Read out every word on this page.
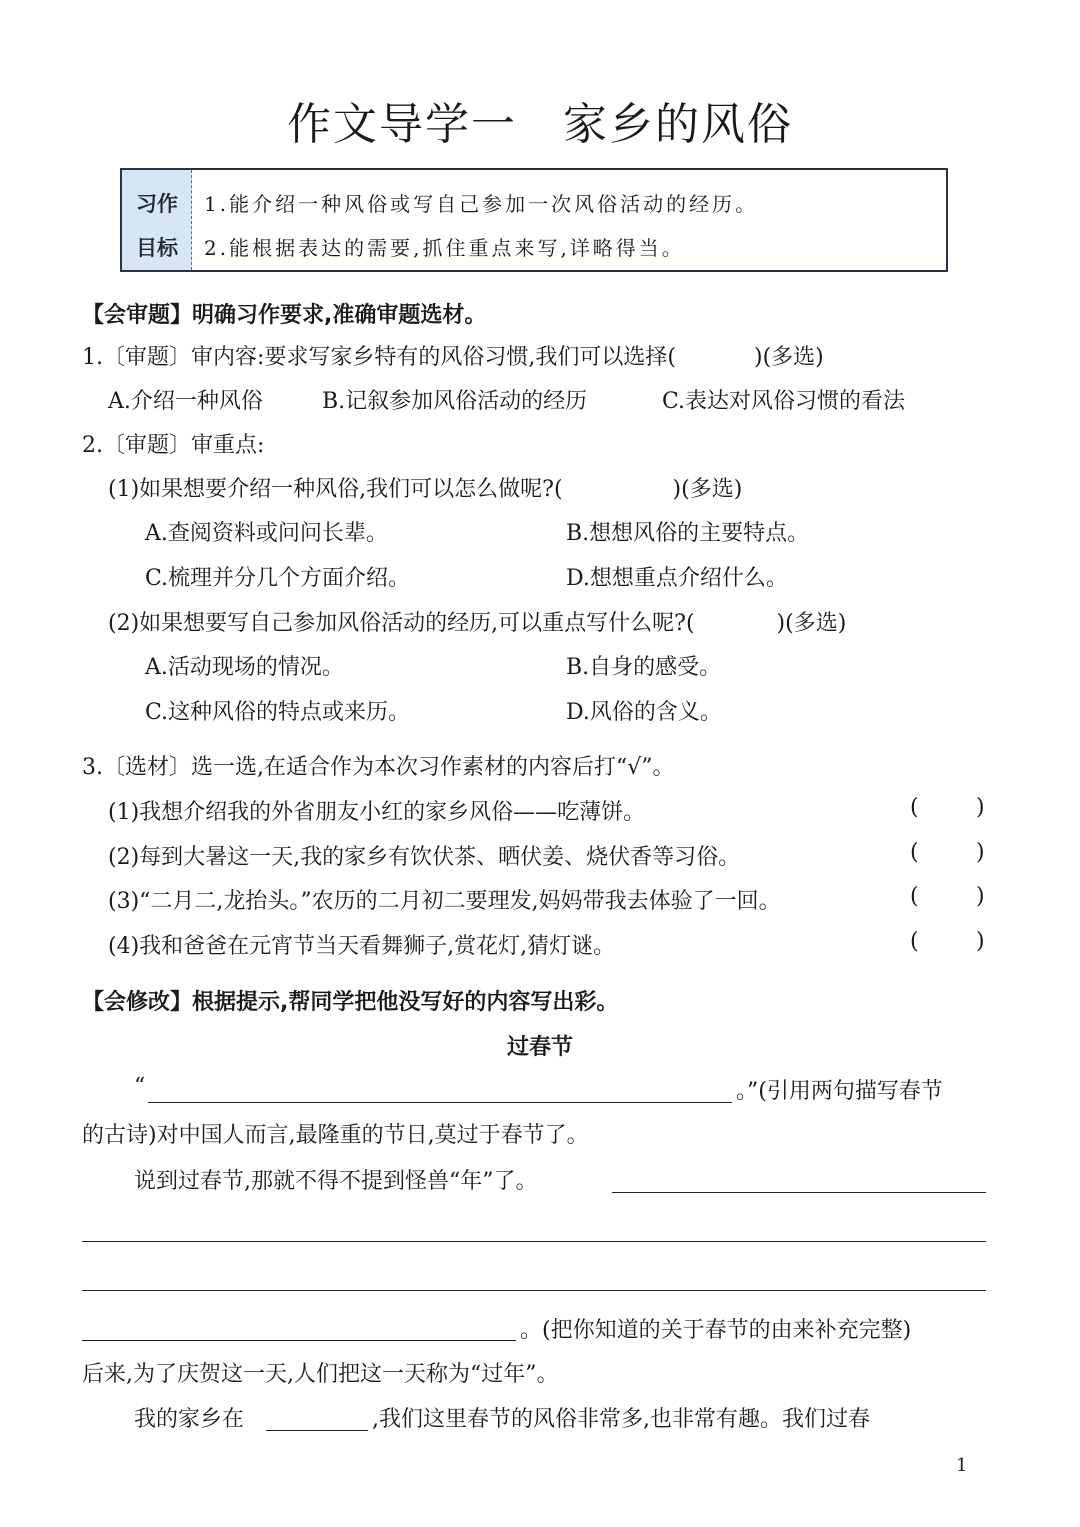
作文导学一 家乡的风俗
习作
目标
1.能介绍一种风俗或写自己参加一次风俗活动的经历。
2.能根据表达的需要,抓住重点来写,详略得当。
【会审题】明确习作要求,准确审题选材。
1.〔审题〕审内容:要求写家乡特有的风俗习惯,我们可以选择(	)(多选)
A.介绍一种风俗	B.记叙参加风俗活动的经历	C.表达对风俗习惯的看法
2.〔审题〕审重点:
(1)如果想要介绍一种风俗,我们可以怎么做呢?(	)(多选)
A.查阅资料或问问长辈。	B.想想风俗的主要特点。
C.梳理并分几个方面介绍。	D.想想重点介绍什么。
(2)如果想要写自己参加风俗活动的经历,可以重点写什么呢?(	)(多选)
A.活动现场的情况。	B.自身的感受。
C.这种风俗的特点或来历。	D.风俗的含义。
3.〔选材〕选一选,在适合作为本次习作素材的内容后打“√”。
(1)我想介绍我的外省朋友小红的家乡风俗——吃薄饼。	(	)
(2)每到大暑这一天,我的家乡有饮伏茶、晒伏姜、烧伏香等习俗。	(	)
(3)“二月二,龙抬头。”农历的二月初二要理发,妈妈带我去体验了一回。	(	)
(4)我和爸爸在元宵节当天看舞狮子,赏花灯,猜灯谜。	(	)
【会修改】根据提示,帮同学把他没写好的内容写出彩。
过春节
“	。”(引用两句描写春节
的古诗)对中国人而言,最隆重的节日,莫过于春节了。
说到过春节,那就不得不提到怪兽“年”了。
。(把你知道的关于春节的由来补充完整)
后来,为了庆贺这一天,人们把这一天称为“过年”。
我的家乡在	,我们这里春节的风俗非常多,也非常有趣。我们过春
1
